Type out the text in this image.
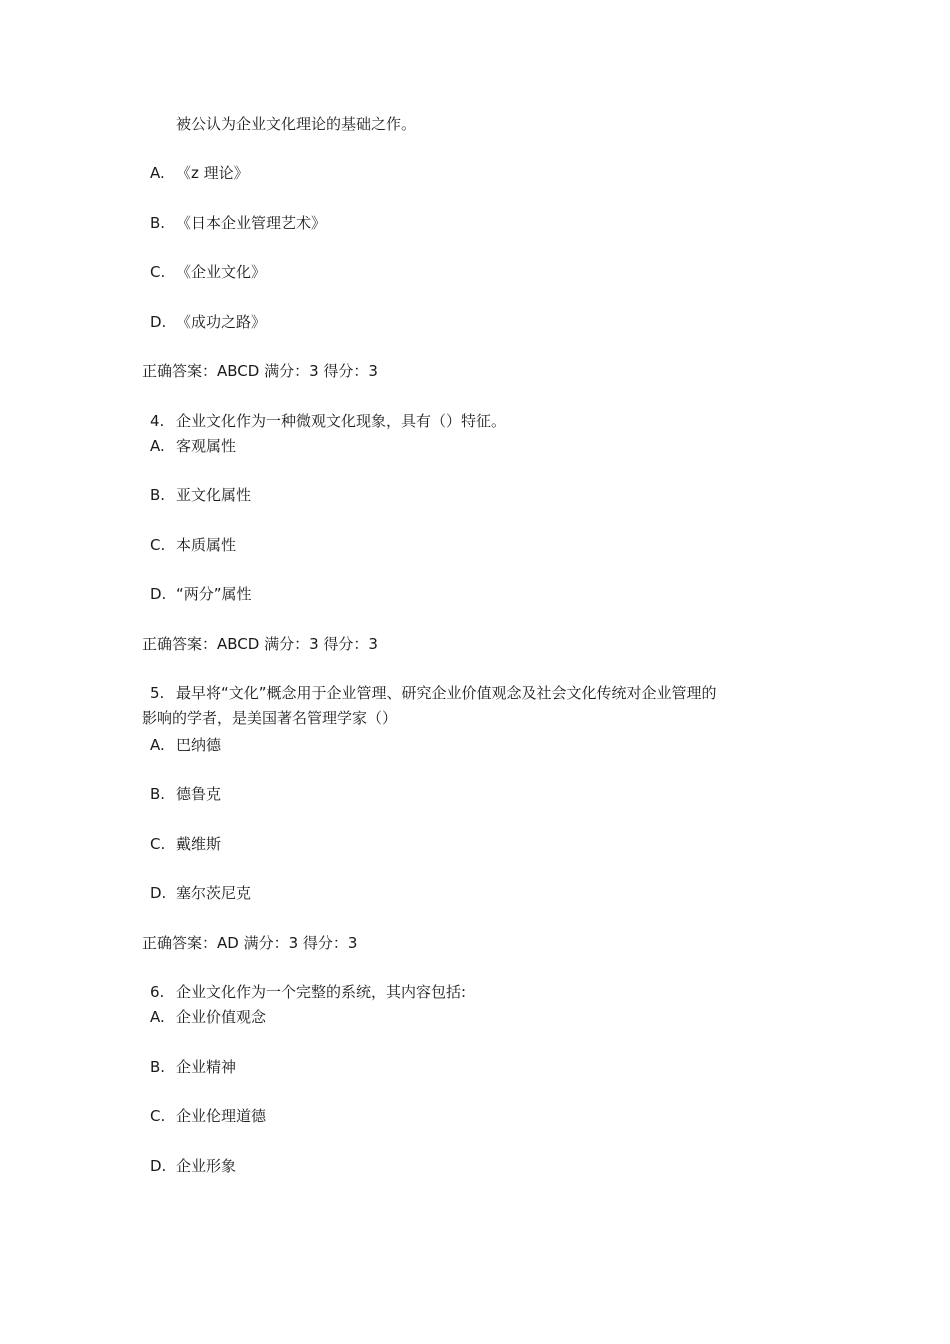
被公认为企业文化理论的基础之作。
A. 《z 理论》
B. 《日本企业管理艺术》
C. 《企业文化》
D. 《成功之路》
正确答案：ABCD 满分：3 得分：3
4. 企业文化作为一种微观文化现象，具有（）特征。
A. 客观属性
B. 亚文化属性
C. 本质属性
D. “两分”属性
正确答案：ABCD 满分：3 得分：3
5. 最早将“文化”概念用于企业管理、研究企业价值观念及社会文化传统对企业管理的
影响的学者，是美国著名管理学家（）
A. 巴纳德
B. 德鲁克
C. 戴维斯
D. 塞尔茨尼克
正确答案：AD 满分：3 得分：3
6. 企业文化作为一个完整的系统，其内容包括:
A. 企业价值观念
B. 企业精神
C. 企业伦理道德
D. 企业形象
